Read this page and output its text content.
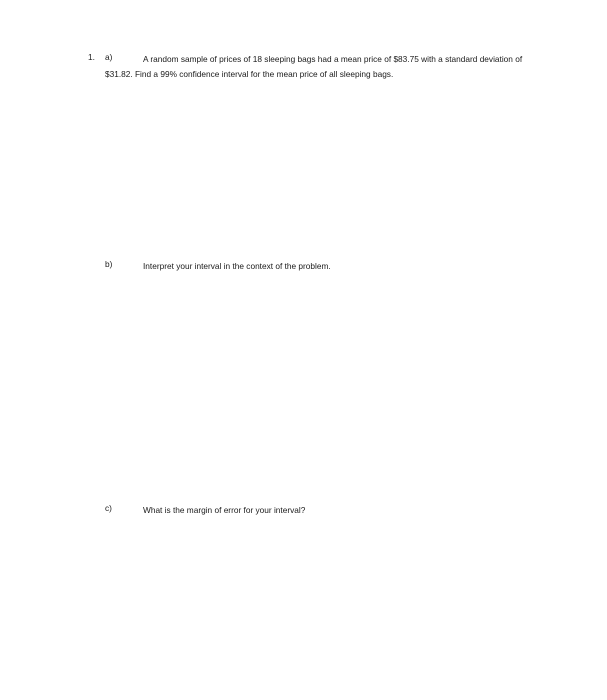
1. a)	A random sample of prices of 18 sleeping bags had a mean price of $83.75 with a standard deviation of $31.82. Find a 99% confidence interval for the mean price of all sleeping bags.
b)	Interpret your interval in the context of the problem.
c)	What is the margin of error for your interval?
